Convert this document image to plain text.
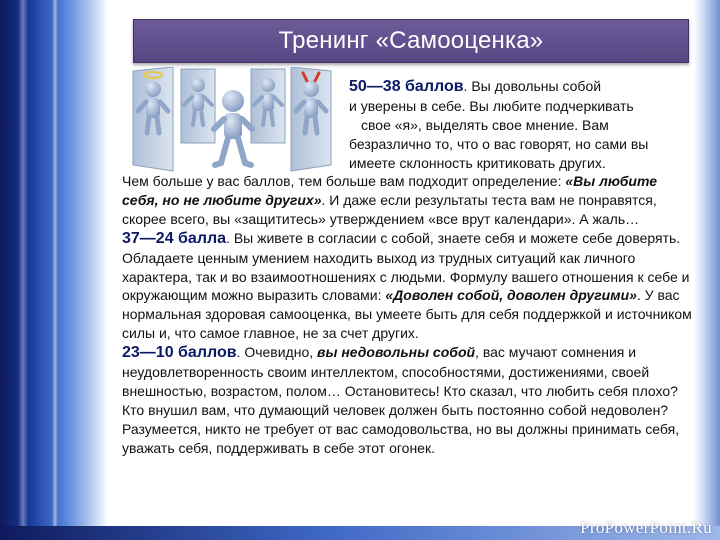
Тренинг «Самооценка»

50—38 баллов. Вы довольны собой

и уверены в себе. Вы любите подчеркивать

свое «я», выделять свое мнение. Вам

безразлично то, что о вас говорят, но сами вы

имеете склонность критиковать других.

Чем больше у вас баллов, тем больше вам подходит определение: «Вы любите себя, но не любите других». И даже если результаты теста вам не понравятся, скорее всего, вы «защититесь» утверждением «все врут календари». А жаль…

37—24 балла. Вы живете в согласии с собой, знаете себя и можете себе доверять. Обладаете ценным умением находить выход из трудных ситуаций как личного характера, так и во взаимоотношениях с людьми. Формулу вашего отношения к себе и окружающим можно выразить словами: «Доволен собой, доволен другими». У вас нормальная здоровая самооценка, вы умеете быть для себя поддержкой и источником силы и, что самое главное, не за счет других.

23—10 баллов. Очевидно, вы недовольны собой, вас мучают сомнения и неудовлетворенность своим интеллектом, способностями, достижениями, своей внешностью, возрастом, полом… Остановитесь! Кто сказал, что любить себя плохо? Кто внушил вам, что думающий человек должен быть постоянно собой недоволен? Разумеется, никто не требует от вас самодовольства, но вы должны принимать себя, уважать себя, поддерживать в себе этот огонек.

ProPowerPoint.Ru
